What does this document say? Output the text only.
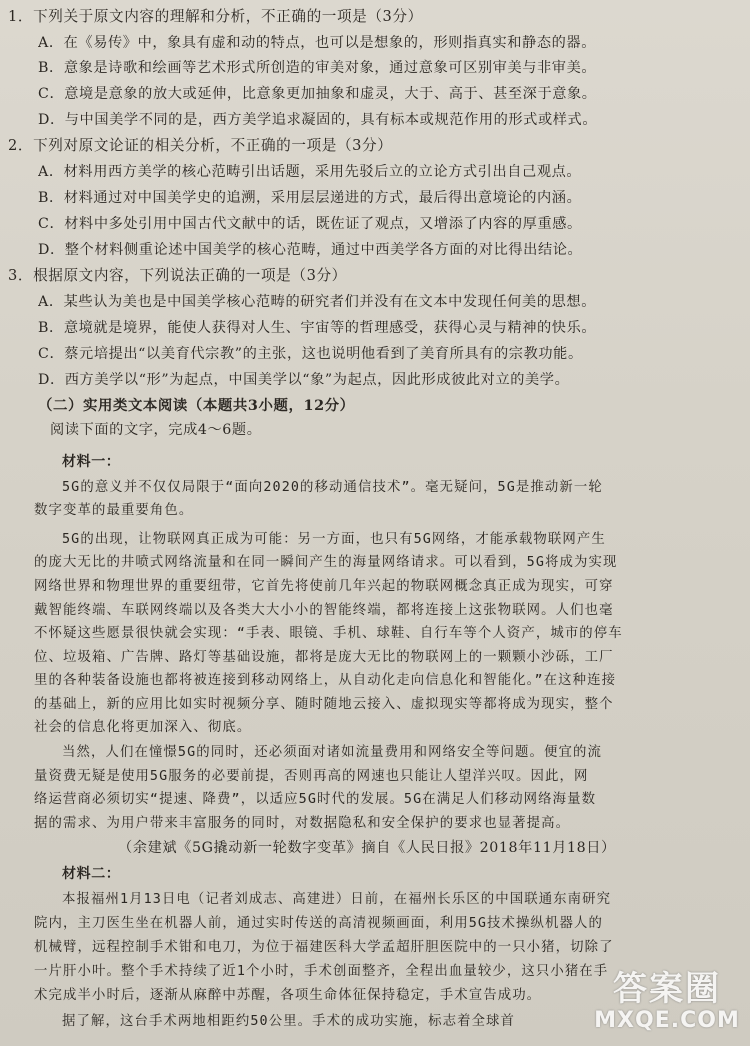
1．下列关于原文内容的理解和分析，不正确的一项是（3分）
A．在《易传》中，象具有虚和动的特点，也可以是想象的，形则指真实和静态的器。
B．意象是诗歌和绘画等艺术形式所创造的审美对象，通过意象可区别审美与非审美。
C．意境是意象的放大或延伸，比意象更加抽象和虚灵，大于、高于、甚至深于意象。
D．与中国美学不同的是，西方美学追求凝固的，具有标本或规范作用的形式或样式。
2．下列对原文论证的相关分析，不正确的一项是（3分）
A．材料用西方美学的核心范畴引出话题，采用先驳后立的立论方式引出自己观点。
B．材料通过对中国美学史的追溯，采用层层递进的方式，最后得出意境论的内涵。
C．材料中多处引用中国古代文献中的话，既佐证了观点，又增添了内容的厚重感。
D．整个材料侧重论述中国美学的核心范畴，通过中西美学各方面的对比得出结论。
3．根据原文内容，下列说法正确的一项是（3分）
A．某些认为美也是中国美学核心范畴的研究者们并没有在文本中发现任何美的思想。
B．意境就是境界，能使人获得对人生、宇宙等的哲理感受，获得心灵与精神的快乐。
C．蔡元培提出“以美育代宗教”的主张，这也说明他看到了美育所具有的宗教功能。
D．西方美学以“形”为起点，中国美学以“象”为起点，因此形成彼此对立的美学。
（二）实用类文本阅读（本题共3小题，12分）
阅读下面的文字，完成4～6题。
材料一：
5G的意义并不仅仅局限于“面向2020的移动通信技术”。毫无疑问，5G是推动新一轮
数字变革的最重要角色。
5G的出现，让物联网真正成为可能：另一方面，也只有5G网络，才能承载物联网产生
的庞大无比的井喷式网络流量和在同一瞬间产生的海量网络请求。可以看到，5G将成为实现
网络世界和物理世界的重要纽带，它首先将使前几年兴起的物联网概念真正成为现实，可穿
戴智能终端、车联网终端以及各类大大小小的智能终端，都将连接上这张物联网。人们也毫
不怀疑这些愿景很快就会实现：“手表、眼镜、手机、球鞋、自行车等个人资产，城市的停车
位、垃圾箱、广告牌、路灯等基础设施，都将是庞大无比的物联网上的一颗颗小沙砾，工厂
里的各种装备设施也都将被连接到移动网络上，从自动化走向信息化和智能化。”在这种连接
的基础上，新的应用比如实时视频分享、随时随地云接入、虚拟现实等都将成为现实，整个
社会的信息化将更加深入、彻底。
当然，人们在憧憬5G的同时，还必须面对诸如流量费用和网络安全等问题。便宜的流
量资费无疑是使用5G服务的必要前提，否则再高的网速也只能让人望洋兴叹。因此，网
络运营商必须切实“提速、降费”，以适应5G时代的发展。5G在满足人们移动网络海量数
据的需求、为用户带来丰富服务的同时，对数据隐私和安全保护的要求也显著提高。
（余建斌《5G撬动新一轮数字变革》摘自《人民日报》2018年11月18日）
材料二：
本报福州1月13日电（记者刘成志、高建进）日前，在福州长乐区的中国联通东南研究
院内，主刀医生坐在机器人前，通过实时传送的高清视频画面，利用5G技术操纵机器人的
机械臂，远程控制手术钳和电刀，为位于福建医科大学孟超肝胆医院中的一只小猪，切除了
一片肝小叶。整个手术持续了近1个小时，手术创面整齐，全程出血量较少，这只小猪在手
术完成半小时后，逐渐从麻醉中苏醒，各项生命体征保持稳定，手术宣告成功。
据了解，这台手术两地相距约50公里。手术的成功实施，标志着全球首
答案圈
MXQE.COM
